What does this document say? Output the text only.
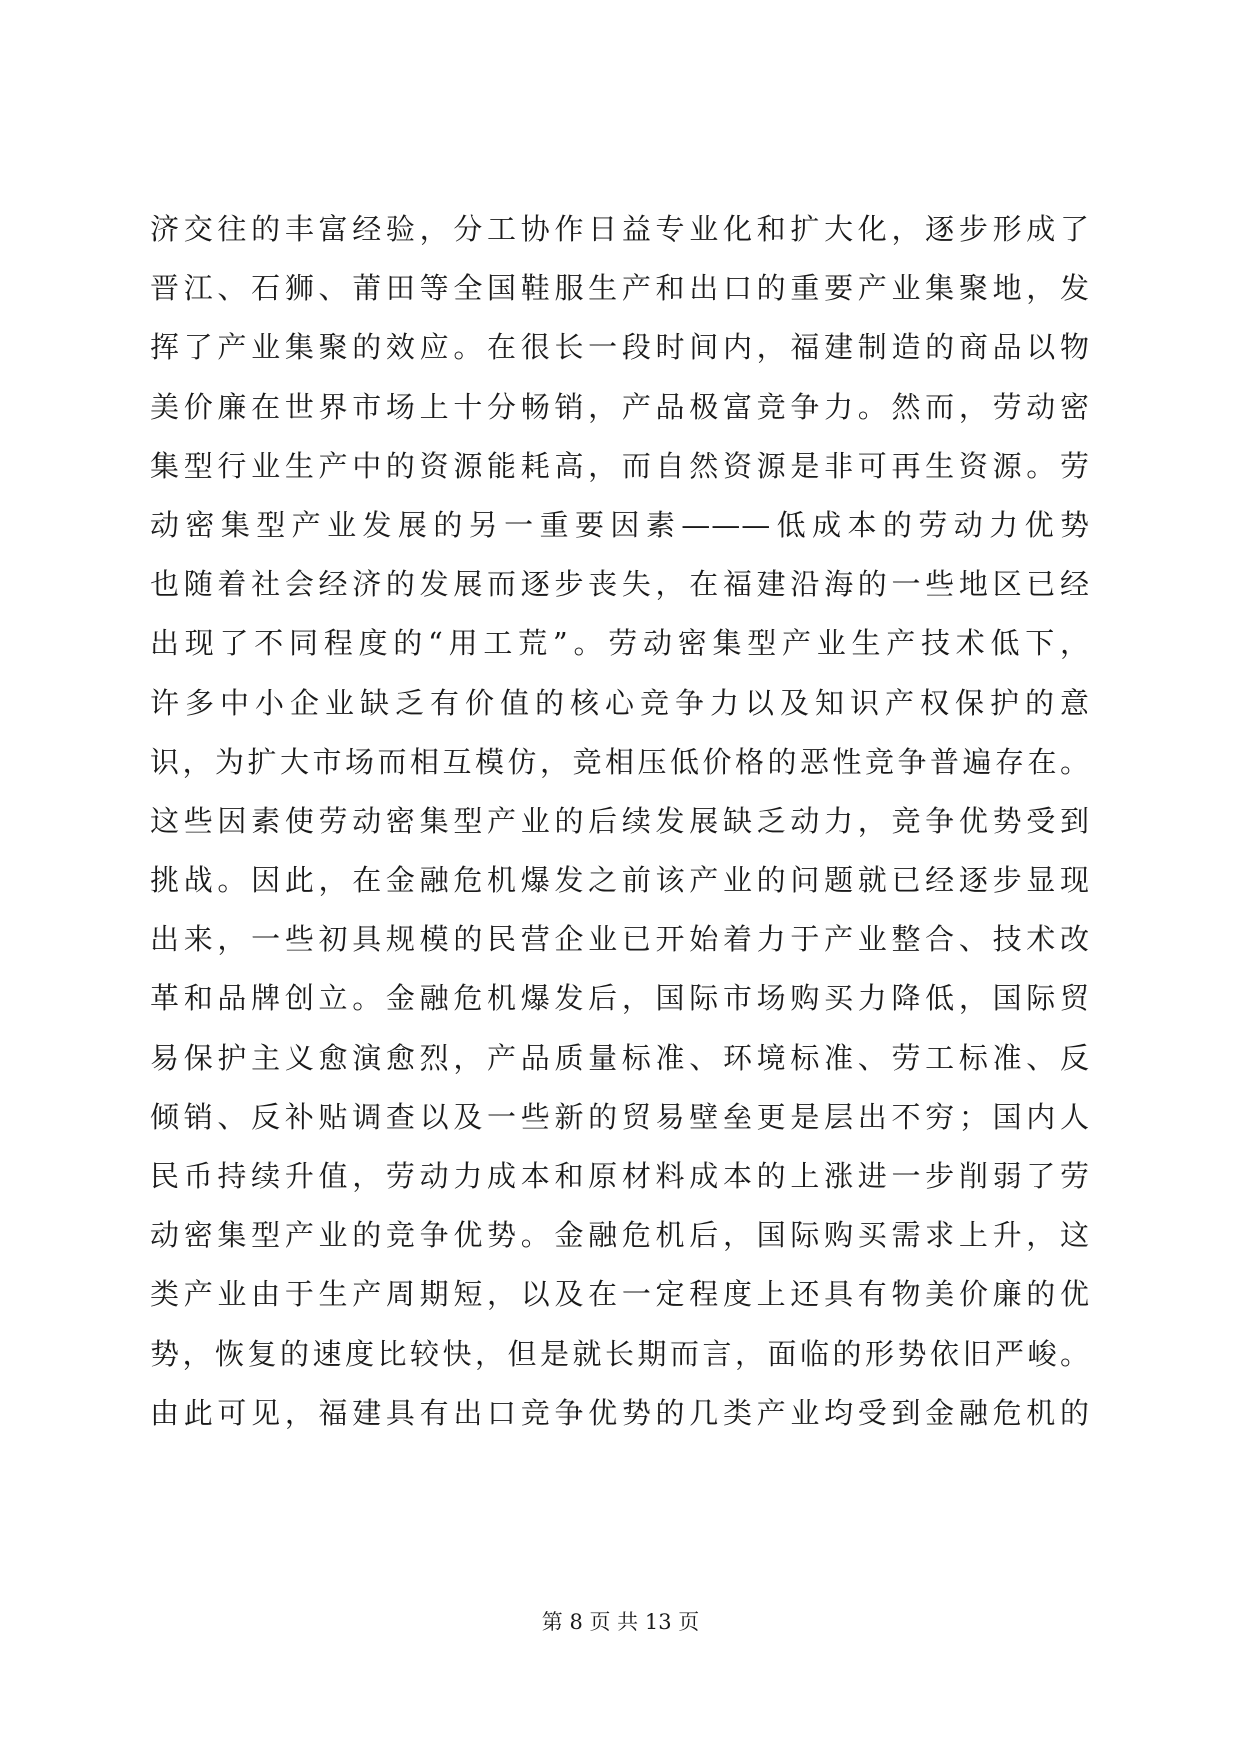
济交往的丰富经验，分工协作日益专业化和扩大化，逐步形成了
晋江、石狮、莆田等全国鞋服生产和出口的重要产业集聚地，发
挥了产业集聚的效应。在很长一段时间内，福建制造的商品以物
美价廉在世界市场上十分畅销，产品极富竞争力。然而，劳动密
集型行业生产中的资源能耗高，而自然资源是非可再生资源。劳
动密集型产业发展的另一重要因素———低成本的劳动力优势
也随着社会经济的发展而逐步丧失，在福建沿海的一些地区已经
出现了不同程度的“用工荒”。劳动密集型产业生产技术低下，
许多中小企业缺乏有价值的核心竞争力以及知识产权保护的意
识，为扩大市场而相互模仿，竞相压低价格的恶性竞争普遍存在。
这些因素使劳动密集型产业的后续发展缺乏动力，竞争优势受到
挑战。因此，在金融危机爆发之前该产业的问题就已经逐步显现
出来，一些初具规模的民营企业已开始着力于产业整合、技术改
革和品牌创立。金融危机爆发后，国际市场购买力降低，国际贸
易保护主义愈演愈烈，产品质量标准、环境标准、劳工标准、反
倾销、反补贴调查以及一些新的贸易壁垒更是层出不穷；国内人
民币持续升值，劳动力成本和原材料成本的上涨进一步削弱了劳
动密集型产业的竞争优势。金融危机后，国际购买需求上升，这
类产业由于生产周期短，以及在一定程度上还具有物美价廉的优
势，恢复的速度比较快，但是就长期而言，面临的形势依旧严峻。
由此可见，福建具有出口竞争优势的几类产业均受到金融危机的
第 8 页 共 13 页
